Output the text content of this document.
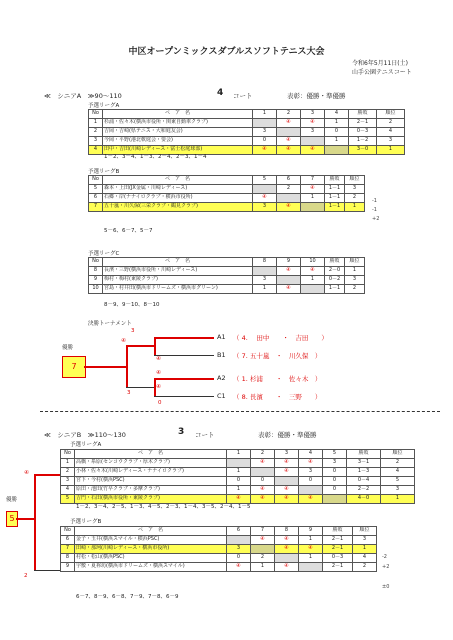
中区オープンミックスダブルスソフトテニス大会
令和6年5月11日(土)
山手公園テニスコート
≪　シニアA　≫90～110	4 コート	表彰：優勝・準優勝
予選リーグA
No	ペ　ア　名	1	2	3	4	勝敗	順位
1	杉浦・佐々木(横浜市役所・関東自動車クラブ)		④	④	1	2－1	2
2	吉岡・吉崎(県テニス・大和庭友会)	3		3	0	0－3	4
3	今岡・平野(港北軟庭会・要会)	0	④		1	1－2	3
4	田中・吉田(川崎レディース・富士松庭球部)	④	④	④		3－0	1
1－2、3－4、1－3、2－4、2－3、1－4
予選リーグB
No	ペ　ア　名	5	6	7	勝敗	順位
5	森本・上田(JX金属・川崎レディース)		2	④	1－1	3
6	石郷・岸(ナナイロクラブ・横浜市役所)	④		1	1－1	2
7	五十嵐・川久保(三栄クラブ・鶴見クラブ)	3	④		1－1	1
-1
-1
+2
5－6、6－7、5－7
予選リーグC
No	ペ　ア　名	8	9	10	勝敗	順位
8	長濱・三野(横浜市役所・川崎レディース)		④	④	2－0	1
9	梅村・梅村(東陵クラブ)	3		1	0－2	3
10	宮島・村井田(横浜市ドリームズ・横浜市グリーン)	1	④		1－1	2
8－9、9－10、8－10
決勝トーナメント
優勝
7
3
④
④
④
④
3
0
A1 （ 4. 　田中　　・　吉田　　）
B1 （ 7. 五十嵐　・　川久保　）
A2 （ 1. 杉浦　　・　佐々木　）
C1 （ 8. 長濱　　・　三野　　）
≪　シニアB　≫110～130	3 コート	表彰：優勝・準優勝
予選リーグA
No	ペ　ア　名	1	2	3	4	5	勝敗	順位
1	高橋・糸原(センコウクラブ・厚木クラブ)		④	④	④	3	3－1	2
2	小林・佐々木(川崎レディース・ナナイロクラブ)	1		④	3	0	1－3	4
3	宮下・今村(横浜PSC)	0	0		0	0	0－4	5
4	原田・池田(竹早クラブ・多摩クラブ)	1	④	④		0	2－2	3
5	吉門・石田(横浜市役所・東陵クラブ)	④	④	④	④		4－0	1
1－2、3－4、2－5、1－3、4－5、2－3、1－4、3－5、2－4、1－5
④
優勝
5
2
予選リーグB
No	ペ　ア　名	6	7	8	9	勝敗	順位
6	金子・玉井(横浜スマイル・横浜PSC)		④	④	1	2－1	3
7	田崎・那珂(川崎レディース・横浜市役所)	3		④	④	2－1	1
8	村松・松山(横浜PSC)	0	2		1	0－3	4
9	宇敷・夏祢坊(横浜市ドリームズ・横浜スマイル)	④	1	④		2－1	2
-2
+2
±0
6－7、8－9、6－8、7－9、7－8、6－9
